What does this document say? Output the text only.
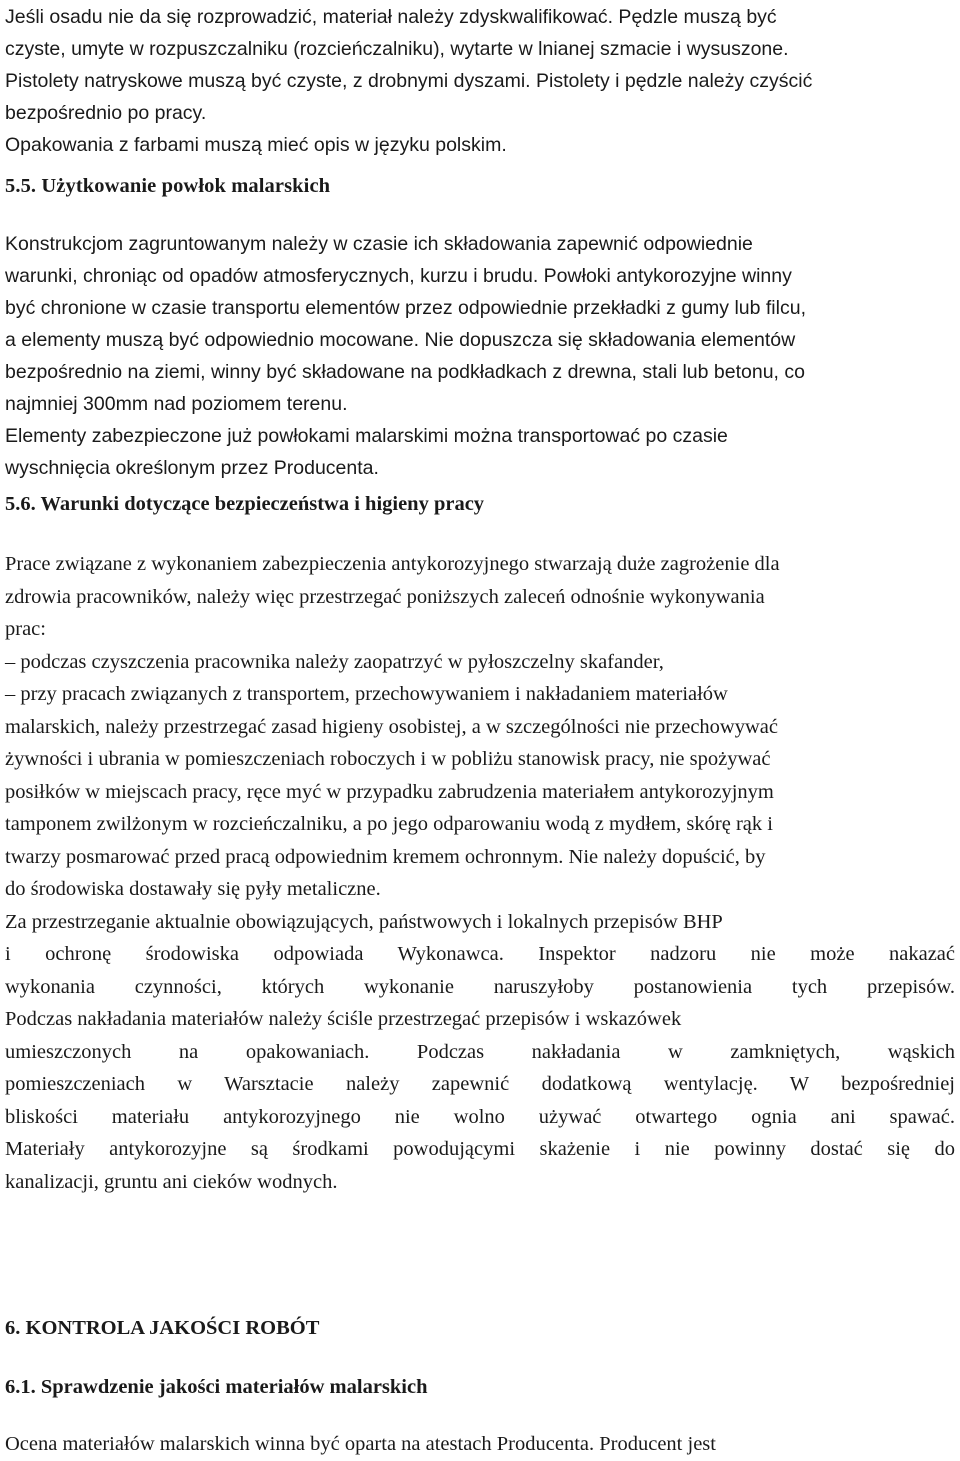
Jeśli osadu nie da się rozprowadzić, materiał należy zdyskwalifikować. Pędzle muszą być
czyste, umyte w rozpuszczalniku (rozcieńczalniku), wytarte w lnianej szmacie i wysuszone.
Pistolety natryskowe muszą być czyste, z drobnymi dyszami. Pistolety i pędzle należy czyścić
bezpośrednio po pracy.
Opakowania z farbami muszą mieć opis w języku polskim.

5.5. Użytkowanie powłok malarskich

Konstrukcjom zagruntowanym należy w czasie ich składowania zapewnić odpowiednie
warunki, chroniąc od opadów atmosferycznych, kurzu i brudu. Powłoki antykorozyjne winny
być chronione w czasie transportu elementów przez odpowiednie przekładki z gumy lub filcu,
a elementy muszą być odpowiednio mocowane. Nie dopuszcza się składowania elementów
bezpośrednio na ziemi, winny być składowane na podkładkach z drewna, stali lub betonu, co
najmniej 300mm nad poziomem terenu.
Elementy zabezpieczone już powłokami malarskimi można transportować po czasie
wyschnięcia określonym przez Producenta.

5.6. Warunki dotyczące bezpieczeństwa i higieny pracy

Prace związane z wykonaniem zabezpieczenia antykorozyjnego stwarzają duże zagrożenie dla
zdrowia pracowników, należy więc przestrzegać poniższych zaleceń odnośnie wykonywania
prac:
– podczas czyszczenia pracownika należy zaopatrzyć w pyłoszczelny skafander,
– przy pracach związanych z transportem, przechowywaniem i nakładaniem materiałów
malarskich, należy przestrzegać zasad higieny osobistej, a w szczególności nie przechowywać
żywności i ubrania w pomieszczeniach roboczych i w pobliżu stanowisk pracy, nie spożywać
posiłków w miejscach pracy, ręce myć w przypadku zabrudzenia materiałem antykorozyjnym
tamponem zwilżonym w rozcieńczalniku, a po jego odparowaniu wodą z mydłem, skórę rąk i
twarzy posmarować przed pracą odpowiednim kremem ochronnym. Nie należy dopuścić, by
do środowiska dostawały się pyły metaliczne.
Za przestrzeganie aktualnie obowiązujących, państwowych i lokalnych przepisów BHP
i ochronę środowiska odpowiada Wykonawca. Inspektor nadzoru nie może nakazać
wykonania czynności, których wykonanie naruszyłoby postanowienia tych przepisów.
Podczas nakładania materiałów należy ściśle przestrzegać przepisów i wskazówek
umieszczonych na opakowaniach. Podczas nakładania w zamkniętych, wąskich
pomieszczeniach w Warsztacie należy zapewnić dodatkową wentylację. W bezpośredniej
bliskości materiału antykorozyjnego nie wolno używać otwartego ognia ani spawać.
Materiały antykorozyjne są środkami powodującymi skażenie i nie powinny dostać się do
kanalizacji, gruntu ani cieków wodnych.

6. KONTROLA JAKOŚCI ROBÓT
6.1. Sprawdzenie jakości materiałów malarskich

Ocena materiałów malarskich winna być oparta na atestach Producenta. Producent jest
